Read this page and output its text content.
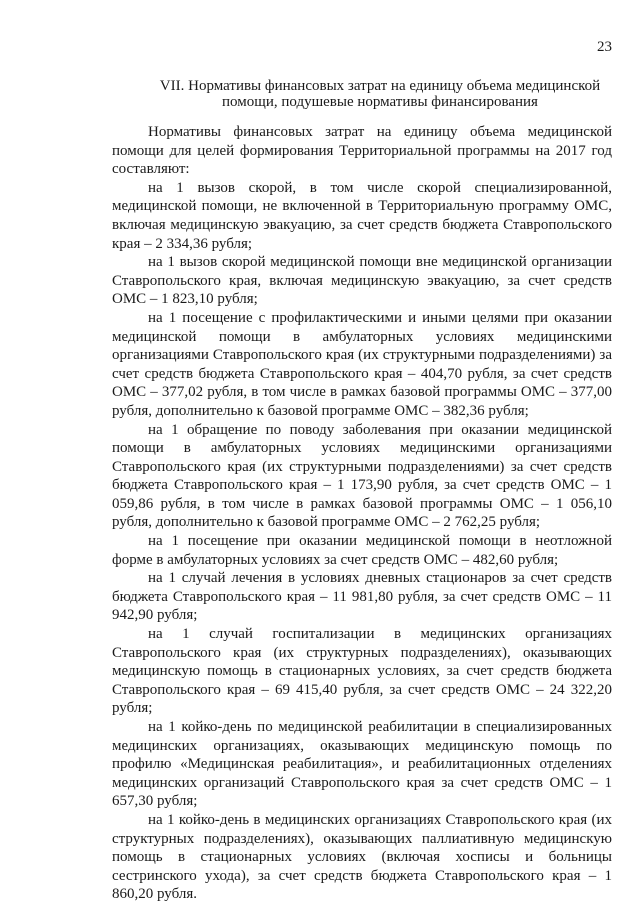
23
VII. Нормативы финансовых затрат на единицу объема медицинской помощи, подушевые нормативы финансирования

Нормативы финансовых затрат на единицу объема медицинской помощи для целей формирования Территориальной программы на 2017 год составляют:

на 1 вызов скорой, в том числе скорой специализированной, медицинской помощи, не включенной в Территориальную программу ОМС, включая медицинскую эвакуацию, за счет средств бюджета Ставропольского края – 2 334,36 рубля;

на 1 вызов скорой медицинской помощи вне медицинской организации Ставропольского края, включая медицинскую эвакуацию, за счет средств ОМС – 1 823,10 рубля;

на 1 посещение с профилактическими и иными целями при оказании медицинской помощи в амбулаторных условиях медицинскими организациями Ставропольского края (их структурными подразделениями) за счет средств бюджета Ставропольского края – 404,70 рубля, за счет средств ОМС – 377,02 рубля, в том числе в рамках базовой программы ОМС – 377,00 рубля, дополнительно к базовой программе ОМС – 382,36 рубля;

на 1 обращение по поводу заболевания при оказании медицинской помощи в амбулаторных условиях медицинскими организациями Ставропольского края (их структурными подразделениями) за счет средств бюджета Ставропольского края – 1 173,90 рубля, за счет средств ОМС – 1 059,86 рубля, в том числе в рамках базовой программы ОМС – 1 056,10 рубля, дополнительно к базовой программе ОМС – 2 762,25 рубля;

на 1 посещение при оказании медицинской помощи в неотложной форме в амбулаторных условиях за счет средств ОМС – 482,60 рубля;

на 1 случай лечения в условиях дневных стационаров за счет средств бюджета Ставропольского края – 11 981,80 рубля, за счет средств ОМС – 11 942,90 рубля;

на 1 случай госпитализации в медицинских организациях Ставропольского края (их структурных подразделениях), оказывающих медицинскую помощь в стационарных условиях, за счет средств бюджета Ставропольского края – 69 415,40 рубля, за счет средств ОМС – 24 322,20 рубля;

на 1 койко-день по медицинской реабилитации в специализированных медицинских организациях, оказывающих медицинскую помощь по профилю «Медицинская реабилитация», и реабилитационных отделениях медицинских организаций Ставропольского края за счет средств ОМС – 1 657,30 рубля;

на 1 койко-день в медицинских организациях Ставропольского края (их структурных подразделениях), оказывающих паллиативную медицинскую помощь в стационарных условиях (включая хосписы и больницы сестринского ухода), за счет средств бюджета Ставропольского края – 1 860,20 рубля.
